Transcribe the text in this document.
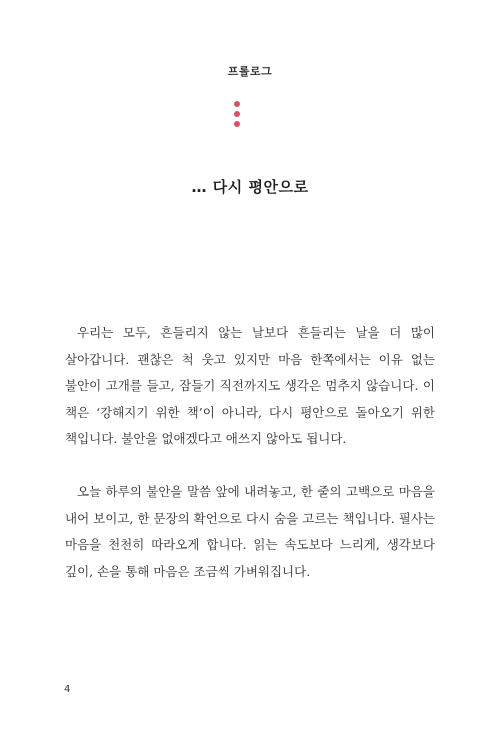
프롤로그
… 다시 평안으로

우리는 모두, 흔들리지 않는 날보다 흔들리는 날을 더 많이 살아갑니다. 괜찮은 척 웃고 있지만 마음 한쪽에서는 이유 없는 불안이 고개를 들고, 잠들기 직전까지도 생각은 멈추지 않습니다. 이 책은 ‘강해지기 위한 책’이 아니라, 다시 평안으로 돌아오기 위한 책입니다. 불안을 없애겠다고 애쓰지 않아도 됩니다.

오늘 하루의 불안을 말씀 앞에 내려놓고, 한 줄의 고백으로 마음을 내어 보이고, 한 문장의 확언으로 다시 숨을 고르는 책입니다. 필사는 마음을 천천히 따라오게 합니다. 읽는 속도보다 느리게, 생각보다 깊이, 손을 통해 마음은 조금씩 가벼워집니다.

4
